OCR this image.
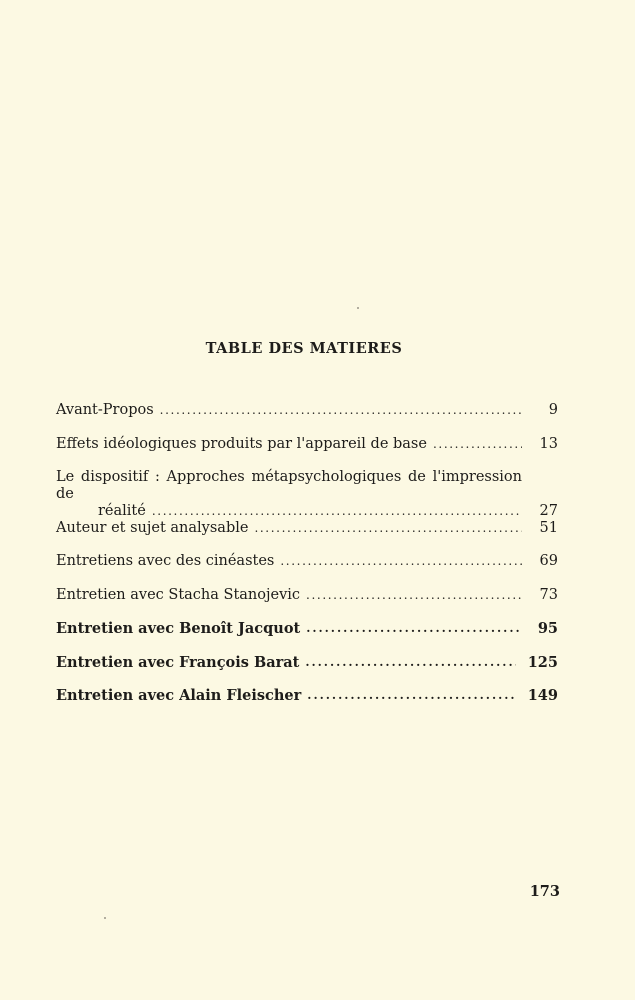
TABLE DES MATIERES
Avant-Propos . . .	9
Effets idéologiques produits par l'appareil de base . . .	13
Le dispositif : Approches métapsychologiques de l'impression de
réalité . . .	27
Auteur et sujet analysable . . .	51
Entretiens avec des cinéastes . . .	69
Entretien avec Stacha Stanojevic . . .	73
Entretien avec Benoît Jacquot . . .	95
Entretien avec François Barat . . .	125
Entretien avec Alain Fleischer . . .	149
173
